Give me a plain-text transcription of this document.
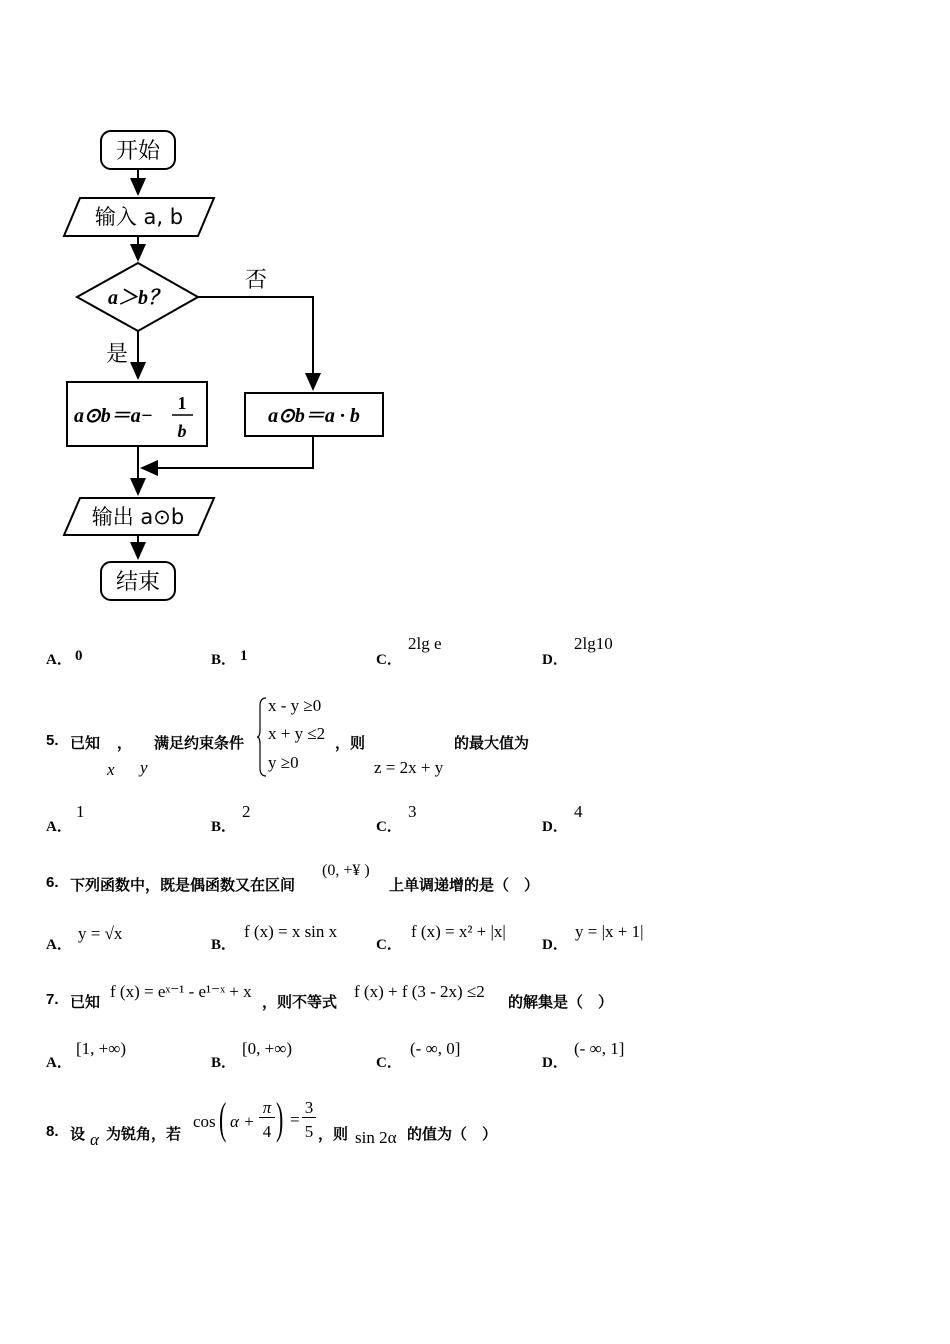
开始
输入 a, b
a＞b？
否
是
a⊙b＝a−
1
b
a⊙b＝a · b
输出 a⊙b
结束
A． 0	B． 1	C．
2lg e
D．
2lg10
5. 已知 ， 满足约束条件
x y
x - y ≥0
x + y ≤2
y ≥0
，则
z = 2x + y
的最大值为
A．
1
B．
2
C．
3
D．
4
6. 下列函数中，既是偶函数又在区间
(0, +¥ )
上单调递增的是（　）
A．
y = √x
B．
f (x) = x sin x
C．
f (x) = x² + |x|
D．
y = |x + 1|
7. 已知
f (x) = eˣ⁻¹ - e¹⁻ˣ + x
，则不等式
f (x) + f (3 - 2x) ≤2
的解集是（　）
A．
[1, +∞)
B．
[0, +∞)
C．
(- ∞, 0]
D．
(- ∞, 1]
8. 设 α 为锐角，若
cos ( α +
π
4 ) =
3
5 ，则 sin 2α 的值为（　）
